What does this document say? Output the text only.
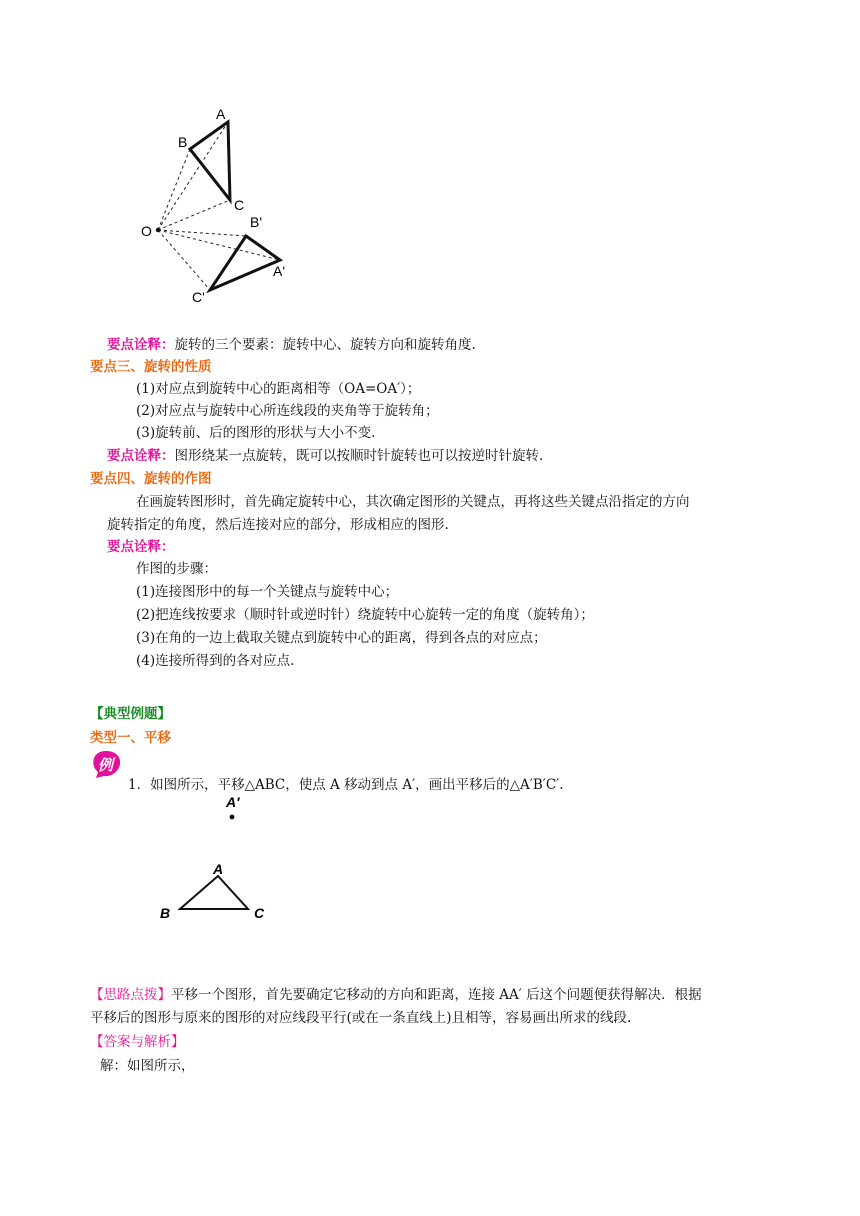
A
B
C
O
B'
A'
C'
要点诠释：旋转的三个要素：旋转中心、旋转方向和旋转角度.
要点三、旋转的性质
(1)对应点到旋转中心的距离相等（OA=OA′）；
(2)对应点与旋转中心所连线段的夹角等于旋转角；
(3)旋转前、后的图形的形状与大小不变.
要点诠释：图形绕某一点旋转，既可以按顺时针旋转也可以按逆时针旋转.
要点四、旋转的作图
在画旋转图形时，首先确定旋转中心，其次确定图形的关键点，再将这些关键点沿指定的方向
旋转指定的角度，然后连接对应的部分，形成相应的图形.
要点诠释：
作图的步骤：
(1)连接图形中的每一个关键点与旋转中心；
(2)把连线按要求（顺时针或逆时针）绕旋转中心旋转一定的角度（旋转角）；
(3)在角的一边上截取关键点到旋转中心的距离，得到各点的对应点；
(4)连接所得到的各对应点.
【典型例题】
类型一、平移
例
1．如图所示，平移△ABC，使点 A 移动到点 A′，画出平移后的△A′B′C′.
A′
A
B	C
【思路点拨】平移一个图形，首先要确定它移动的方向和距离，连接 AA′ 后这个问题便获得解决．根据
平移后的图形与原来的图形的对应线段平行(或在一条直线上)且相等，容易画出所求的线段.
【答案与解析】
解：如图所示，
